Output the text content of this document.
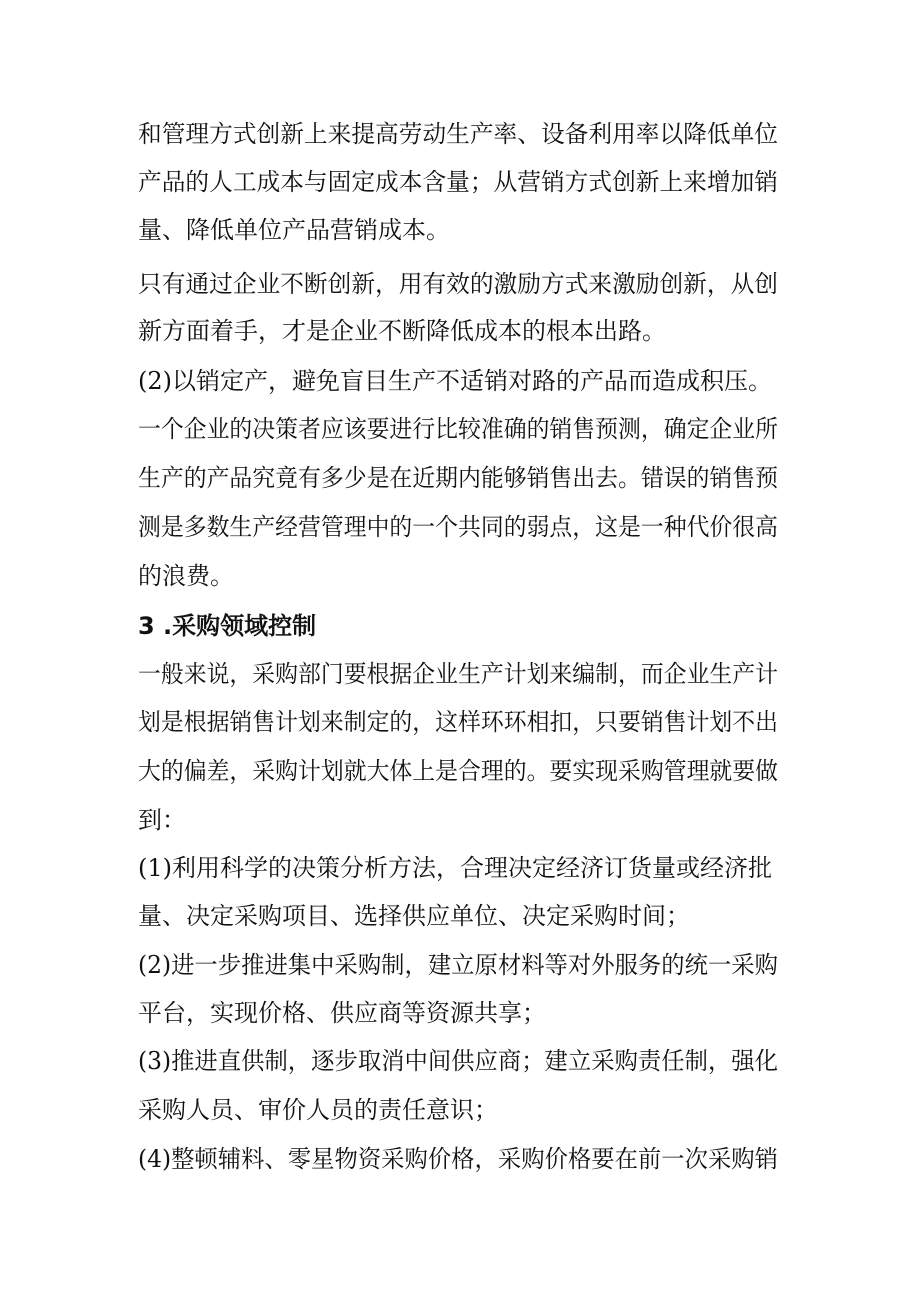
和管理方式创新上来提高劳动生产率、设备利用率以降低单位
产品的人工成本与固定成本含量；从营销方式创新上来增加销
量、降低单位产品营销成本。
只有通过企业不断创新，用有效的激励方式来激励创新，从创
新方面着手，才是企业不断降低成本的根本出路。
(2)以销定产，避免盲目生产不适销对路的产品而造成积压。
一个企业的决策者应该要进行比较准确的销售预测，确定企业所
生产的产品究竟有多少是在近期内能够销售出去。错误的销售预
测是多数生产经营管理中的一个共同的弱点，这是一种代价很高
的浪费。
3 .采购领域控制
一般来说，采购部门要根据企业生产计划来编制，而企业生产计
划是根据销售计划来制定的，这样环环相扣，只要销售计划不出
大的偏差，采购计划就大体上是合理的。要实现采购管理就要做
到：
(1)利用科学的决策分析方法，合理决定经济订货量或经济批
量、决定采购项目、选择供应单位、决定采购时间；
(2)进一步推进集中采购制，建立原材料等对外服务的统一采购
平台，实现价格、供应商等资源共享；
(3)推进直供制，逐步取消中间供应商；建立采购责任制，强化
采购人员、审价人员的责任意识；
(4)整顿辅料、零星物资采购价格，采购价格要在前一次采购销
